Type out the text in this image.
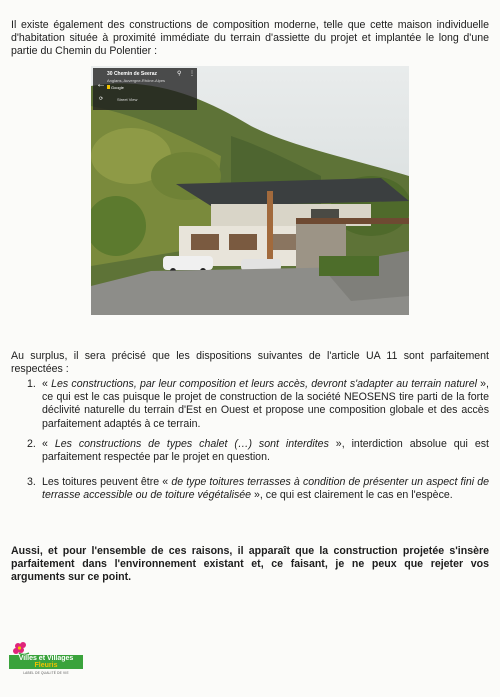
Il existe également des constructions de composition moderne, telle que cette maison individuelle d'habitation située à proximité immédiate du terrain d'assiette du projet et implantée le long d'une partie du Chemin du Polentier :

←
30 Chemin de Seeraz
Anglans, Auvergne-Rhône-Alpes
⚲ ⋮
Google
⟳	Street View

Au surplus, il sera précisé que les dispositions suivantes de l'article UA 11 sont parfaitement respectées :

1. « Les constructions, par leur composition et leurs accès, devront s'adapter au terrain naturel », ce qui est le cas puisque le projet de construction de la société NEOSENS tire parti de la forte déclivité naturelle du terrain d'Est en Ouest et propose une composition globale et des accès parfaitement adaptés à ce terrain.
2. « Les constructions de types chalet (…) sont interdites », interdiction absolue qui est parfaitement respectée par le projet en question.
3. Les toitures peuvent être « de type toitures terrasses à condition de présenter un aspect fini de terrasse accessible ou de toiture végétalisée », ce qui est clairement le cas en l'espèce.

Aussi, et pour l'ensemble de ces raisons, il apparaît que la construction projetée s'insère parfaitement dans l'environnement existant et, ce faisant, je ne peux que rejeter vos arguments sur ce point.

Villes et Villages
Fleuris
LABEL DE QUALITÉ DE VIE
